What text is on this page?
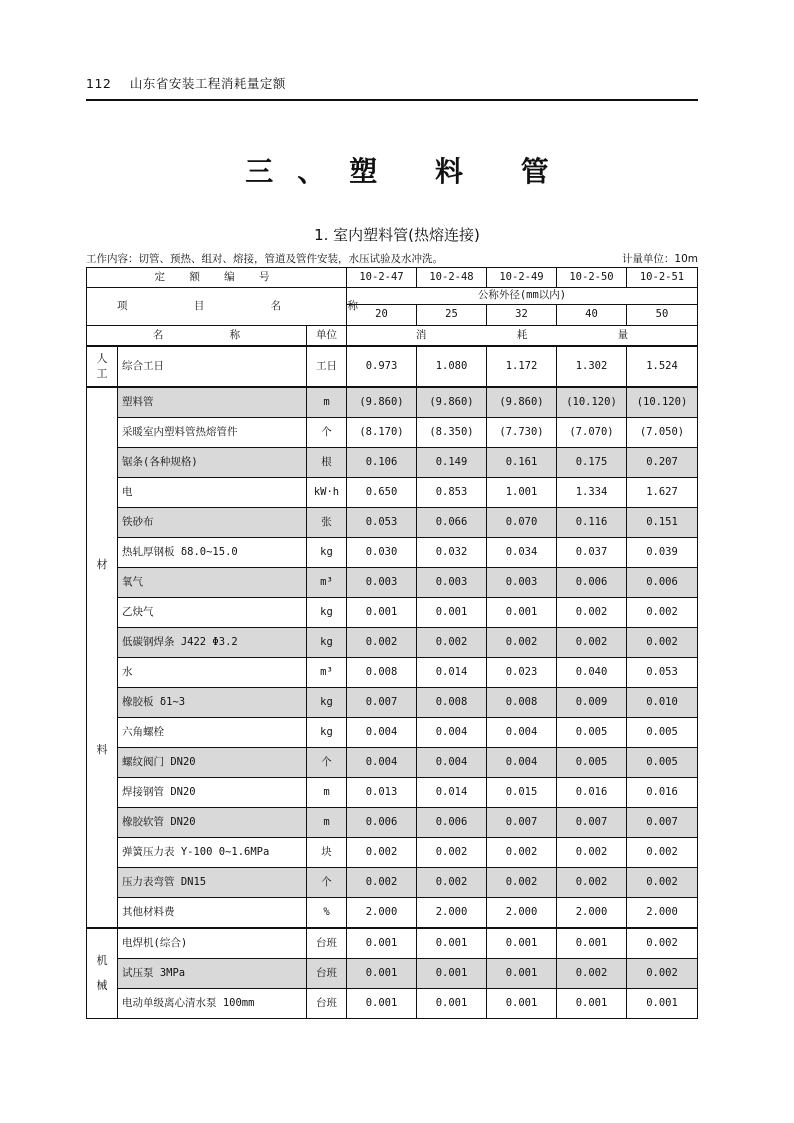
112 山东省安装工程消耗量定额
三、塑 料 管
1. 室内塑料管(热熔连接)
工作内容：切管、预热、组对、熔接，管道及管件安装，水压试验及水冲洗。	计量单位：10m
定 额 编 号			10-2-47	10-2-48	10-2-49	10-2-50	10-2-51
项 目 名 称			公称外径(mm以内)				
			20	25	32	40	50
名 称		单位	消 耗 量				
人工	综合工日	工日	0.973	1.080	1.172	1.302	1.524

材
料	塑料管	m	(9.860)	(9.860)	(9.860)	(10.120)	(10.120)
	采暖室内塑料管热熔管件	个	(8.170)	(8.350)	(7.730)	(7.070)	(7.050)
	锯条(各种规格)	根	0.106	0.149	0.161	0.175	0.207
	电	kW·h	0.650	0.853	1.001	1.334	1.627
	铁砂布	张	0.053	0.066	0.070	0.116	0.151
	热轧厚钢板 δ8.0~15.0	kg	0.030	0.032	0.034	0.037	0.039
	氧气	m³	0.003	0.003	0.003	0.006	0.006
	乙炔气	kg	0.001	0.001	0.001	0.002	0.002
	低碳钢焊条 J422 Φ3.2	kg	0.002	0.002	0.002	0.002	0.002
	水	m³	0.008	0.014	0.023	0.040	0.053
	橡胶板 δ1~3	kg	0.007	0.008	0.008	0.009	0.010
	六角螺栓	kg	0.004	0.004	0.004	0.005	0.005
	螺纹阀门 DN20	个	0.004	0.004	0.004	0.005	0.005
	焊接钢管 DN20	m	0.013	0.014	0.015	0.016	0.016
	橡胶软管 DN20	m	0.006	0.006	0.007	0.007	0.007
	弹簧压力表 Y-100 0~1.6MPa	块	0.002	0.002	0.002	0.002	0.002
	压力表弯管 DN15	个	0.002	0.002	0.002	0.002	0.002
	其他材料费	%	2.000	2.000	2.000	2.000	2.000
机械	电焊机(综合)	台班	0.001	0.001	0.001	0.001	0.002
	试压泵 3MPa	台班	0.001	0.001	0.001	0.002	0.002
	电动单级离心清水泵 100mm	台班	0.001	0.001	0.001	0.001	0.001
